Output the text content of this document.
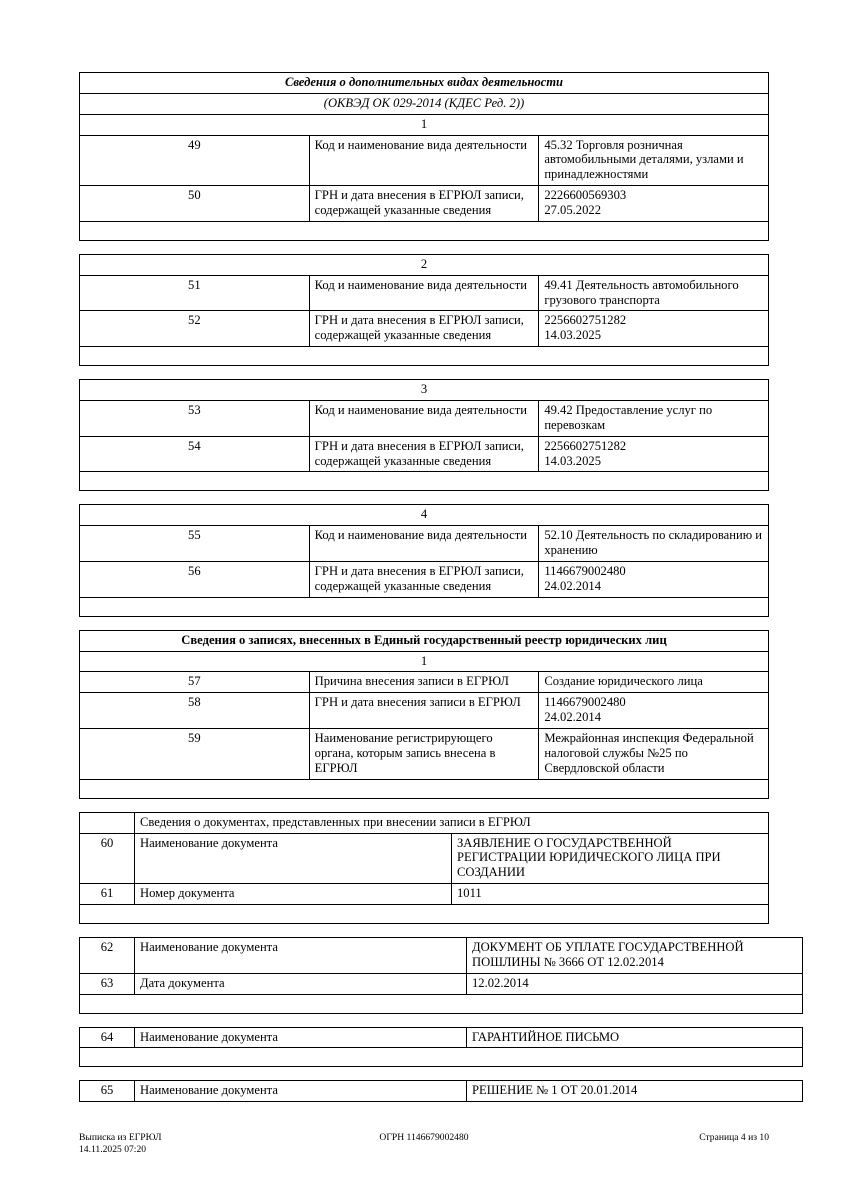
Сведения о дополнительных видах деятельности		
(ОКВЭД ОК 029-2014 (КДЕС Ред. 2))		
1		
49	Код и наименование вида деятельности	45.32 Торговля розничная автомобильными деталями, узлами и принадлежностями
50	ГРН и дата внесения в ЕГРЮЛ записи, содержащей указанные сведения	2226600569303
27.05.2022

2		
51	Код и наименование вида деятельности	49.41 Деятельность автомобильного грузового транспорта
52	ГРН и дата внесения в ЕГРЮЛ записи, содержащей указанные сведения	2256602751282
14.03.2025

3		
53	Код и наименование вида деятельности	49.42 Предоставление услуг по перевозкам
54	ГРН и дата внесения в ЕГРЮЛ записи, содержащей указанные сведения	2256602751282
14.03.2025

4		
55	Код и наименование вида деятельности	52.10 Деятельность по складированию и хранению
56	ГРН и дата внесения в ЕГРЮЛ записи, содержащей указанные сведения	1146679002480
24.02.2014

Сведения о записях, внесенных в Единый государственный реестр юридических лиц		
1		
57	Причина внесения записи в ЕГРЮЛ	Создание юридического лица
58	ГРН и дата внесения записи в ЕГРЮЛ	1146679002480
24.02.2014
59	Наименование регистрирующего органа, которым запись внесена в ЕГРЮЛ	Межрайонная инспекция Федеральной налоговой службы №25 по Свердловской области

	Сведения о документах, представленных при внесении записи в ЕГРЮЛ	
60	Наименование документа	ЗАЯВЛЕНИЕ О ГОСУДАРСТВЕННОЙ РЕГИСТРАЦИИ ЮРИДИЧЕСКОГО ЛИЦА ПРИ СОЗДАНИИ
61	Номер документа	1011

62	Наименование документа	ДОКУМЕНТ ОБ УПЛАТЕ ГОСУДАРСТВЕННОЙ ПОШЛИНЫ № 3666 ОТ 12.02.2014
63	Дата документа	12.02.2014

64	Наименование документа	ГАРАНТИЙНОЕ ПИСЬМО

65	Наименование документа	РЕШЕНИЕ № 1 ОТ 20.01.2014
Выписка из ЕГРЮЛ	ОГРН 1146679002480	Страница 4 из 10
14.11.2025 07:20
